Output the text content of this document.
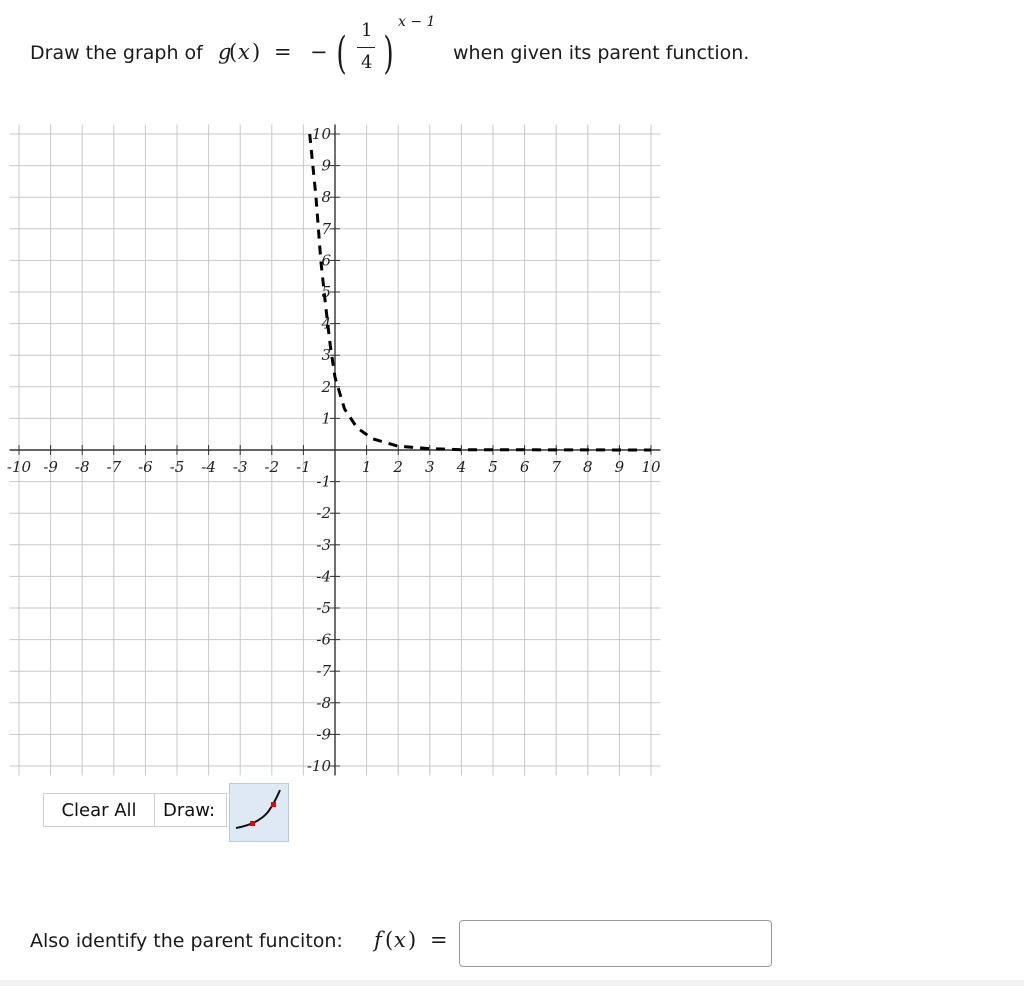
Draw the graph of g
( x ) = − ( 1
4 )
x − 1
when given its parent function.
-10 -9 -8 -7 -6 -5 -4 -3 -2 -1	1 2 3 4 5 6 7 8 9 10
10
9
8
7
6
5
4
3
2
1
-1
-2
-3
-4
-5
-6
-7
-8
-9
-10
Clear All	Draw:
Also identify the parent funciton: f ( x ) =
